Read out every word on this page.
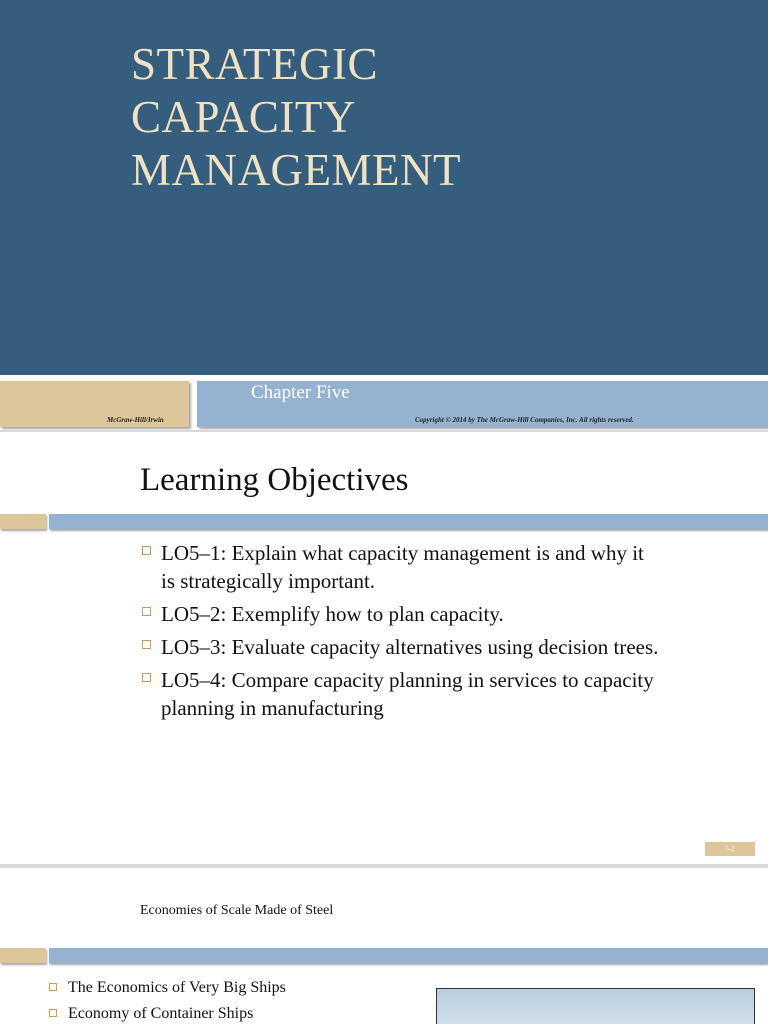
STRATEGIC
CAPACITY
MANAGEMENT
Chapter Five
McGraw-Hill/Irwin	Copyright © 2014 by The McGraw-Hill Companies, Inc. All rights reserved.
Learning Objectives
LO5–1: Explain what capacity management is and why it is strategically important.
LO5–2: Exemplify how to plan capacity.
LO5–3: Evaluate capacity alternatives using decision trees.
LO5–4: Compare capacity planning in services to capacity planning in manufacturing
5-2
Economies of Scale Made of Steel
The Economics of Very Big Ships
Economy of Container Ships
